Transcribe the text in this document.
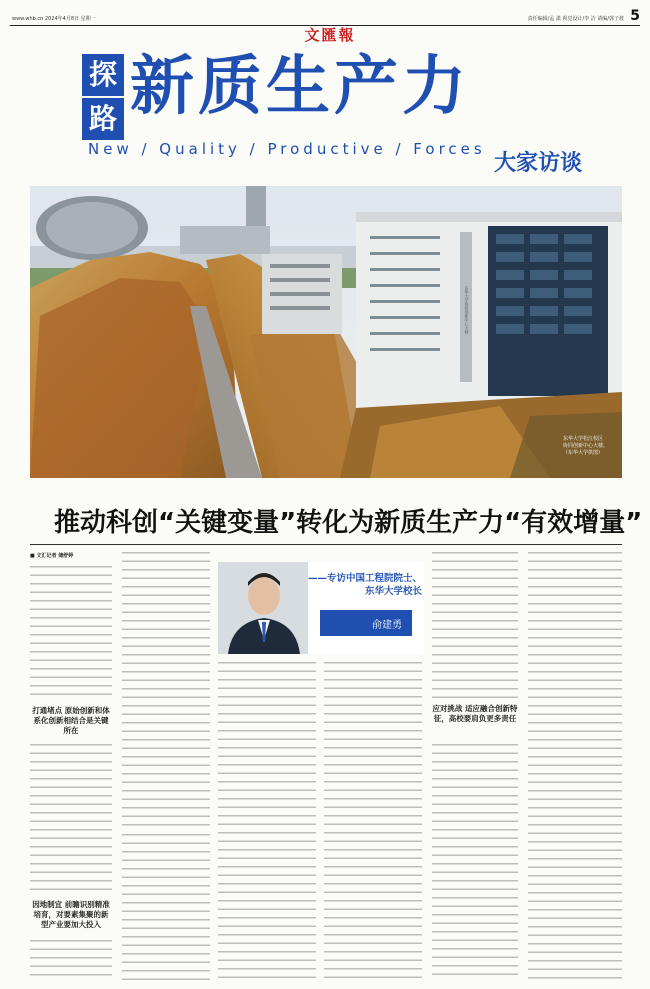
www.whb.cn 2024年4月8日 星期一	责任编辑/孟 潇 视觉设计/李 洁 请编/郭子渡 5
文匯報
探
路 新质生产力
New / Quality / Productive / Forces
大家访谈
东华大学协同创新中心大楼
东华大学松江校区
协同创新中心大楼。
（东华大学供图）
推动科创“关键变量”转化为新质生产力“有效增量”
■ 文汇记者 储舒婷
打通堵点 原始创新和体系化创新相结合是关键所在
因地制宜 前瞻识别精准培育，对要素集聚的新型产业要加大投入
——专访中国工程院院士、
东华大学校长
俞建勇
应对挑战 适应融合创新特征，高校要肩负更多责任
